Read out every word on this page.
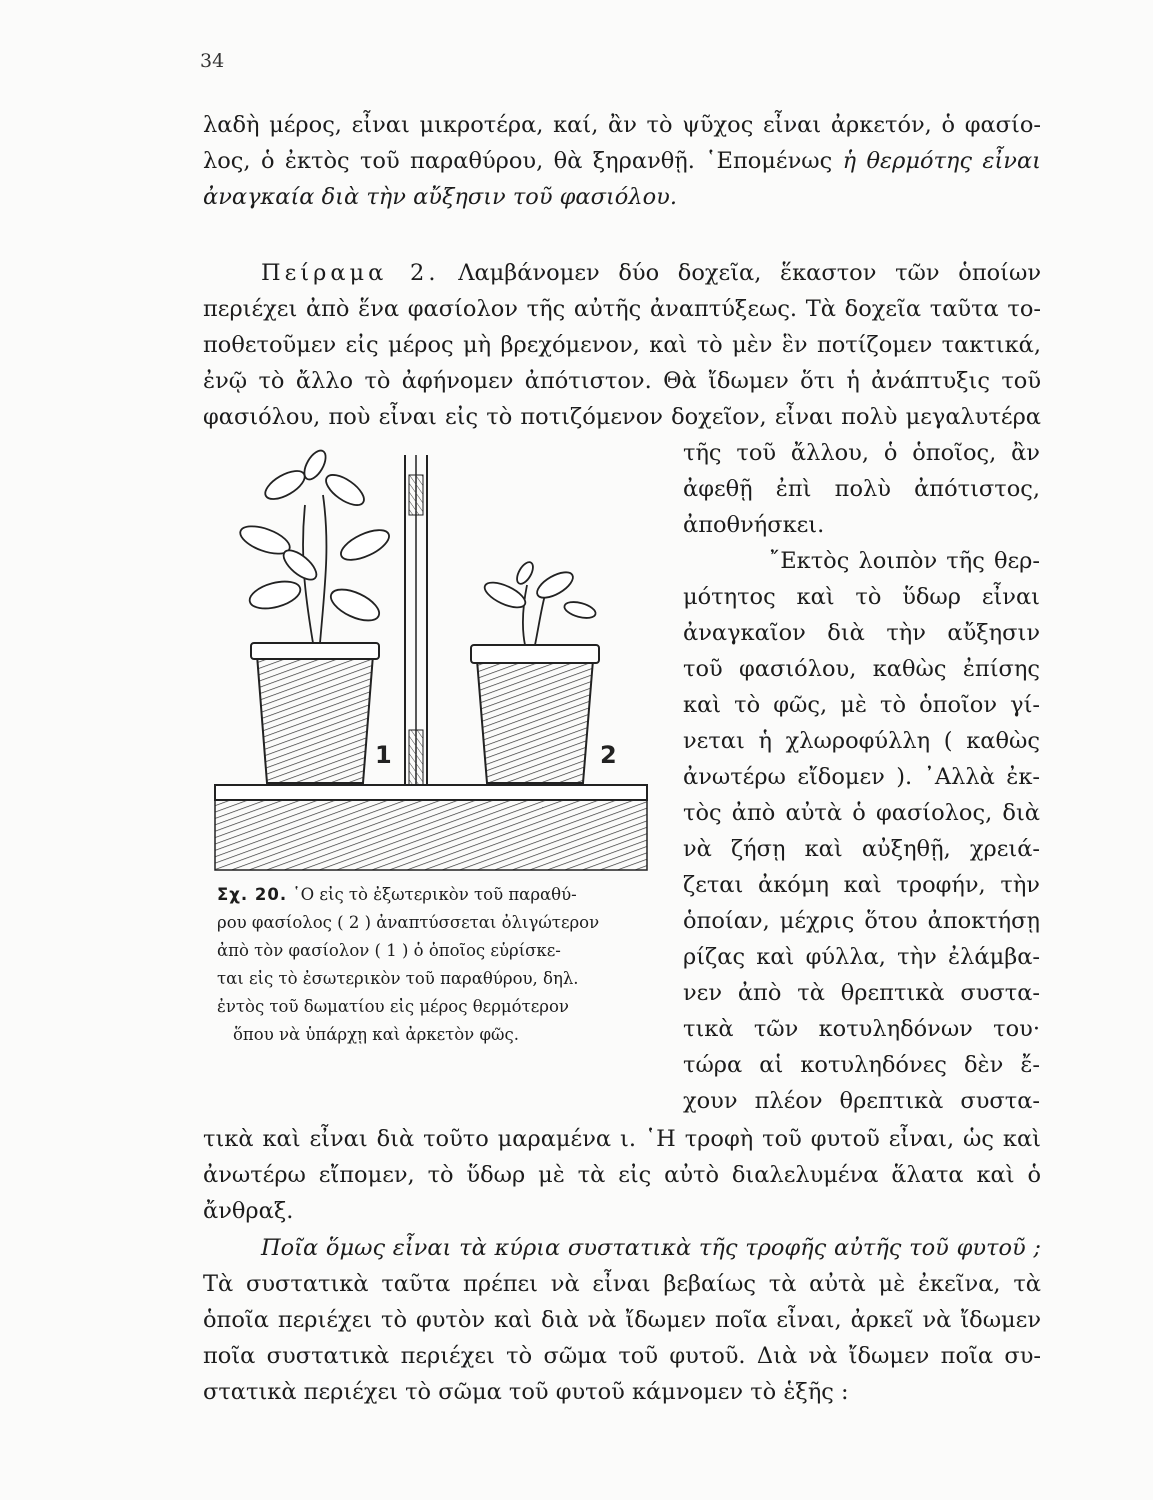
34
λαδὴ μέρος, εἶναι μικροτέρα, καί, ἂν τὸ ψῦχος εἶναι ἀρκετόν, ὁ φασίο-
λος, ὁ ἐκτὸς τοῦ παραθύρου, θὰ ξηρανθῇ. ῾Επομένως ἡ θερμότης εἶναι
ἀναγκαία διὰ τὴν αὔξησιν τοῦ φασιόλου.
Πείραμα 2. Λαμβάνομεν δύο δοχεῖα, ἕκαστον τῶν ὁποίων
περιέχει ἀπὸ ἕνα φασίολον τῆς αὐτῆς ἀναπτύξεως. Τὰ δοχεῖα ταῦτα το-
ποθετοῦμεν εἰς μέρος μὴ βρεχόμενον, καὶ τὸ μὲν ἓν ποτίζομεν τακτικά,
ἐνῷ τὸ ἄλλο τὸ ἀφήνομεν ἀπότιστον. Θὰ ἴδωμεν ὅτι ἡ ἀνάπτυξις τοῦ
φασιόλου, ποὺ εἶναι εἰς τὸ ποτιζόμενον δοχεῖον, εἶναι πολὺ μεγαλυτέρα
τῆς τοῦ ἄλλου, ὁ ὁποῖος, ἂν
ἀφεθῇ ἐπὶ πολὺ ἀπότιστος,
ἀποθνήσκει.
῎Εκτὸς λοιπὸν τῆς θερ-
μότητος καὶ τὸ ὕδωρ εἶναι
ἀναγκαῖον διὰ τὴν αὔξησιν
τοῦ φασιόλου, καθὼς ἐπίσης
καὶ τὸ φῶς, μὲ τὸ ὁποῖον γί-
νεται ἡ χλωροφύλλη ( καθὼς
ἀνωτέρω εἴδομεν ). ᾿Αλλὰ ἐκ-
τὸς ἀπὸ αὐτὰ ὁ φασίολος, διὰ
νὰ ζήσῃ καὶ αὐξηθῇ, χρειά-
ζεται ἀκόμη καὶ τροφήν, τὴν
ὁποίαν, μέχρις ὅτου ἀποκτήσῃ
ρίζας καὶ φύλλα, τὴν ἐλάμβα-
νεν ἀπὸ τὰ θρεπτικὰ συστα-
τικὰ τῶν κοτυληδόνων του·
τώρα αἱ κοτυληδόνες δὲν ἔ-
χουν πλέον θρεπτικὰ συστα-
1	2
Σχ. 20. ῾Ο εἰς τὸ ἐξωτερικὸν τοῦ παραθύ-
ρου φασίολος ( 2 ) ἀναπτύσσεται ὀλιγώτερον
ἀπὸ τὸν φασίολον ( 1 ) ὁ ὁποῖος εὑρίσκε-
ται εἰς τὸ ἐσωτερικὸν τοῦ παραθύρου, δηλ.
ἐντὸς τοῦ δωματίου εἰς μέρος θερμότερον
ὅπου νὰ ὑπάρχῃ καὶ ἀρκετὸν φῶς.
τικὰ καὶ εἶναι διὰ τοῦτο μαραμένα ι. ῾Η τροφὴ τοῦ φυτοῦ εἶναι, ὡς καὶ
ἀνωτέρω εἴπομεν, τὸ ὕδωρ μὲ τὰ εἰς αὐτὸ διαλελυμένα ἅλατα καὶ ὁ
ἄνθραξ.
Ποῖα ὅμως εἶναι τὰ κύρια συστατικὰ τῆς τροφῆς αὐτῆς τοῦ φυτοῦ ;
Τὰ συστατικὰ ταῦτα πρέπει νὰ εἶναι βεβαίως τὰ αὐτὰ μὲ ἐκεῖνα, τὰ
ὁποῖα περιέχει τὸ φυτὸν καὶ διὰ νὰ ἴδωμεν ποῖα εἶναι, ἀρκεῖ νὰ ἴδωμεν
ποῖα συστατικὰ περιέχει τὸ σῶμα τοῦ φυτοῦ. Διὰ νὰ ἴδωμεν ποῖα συ-
στατικὰ περιέχει τὸ σῶμα τοῦ φυτοῦ κάμνομεν τὸ ἑξῆς :
